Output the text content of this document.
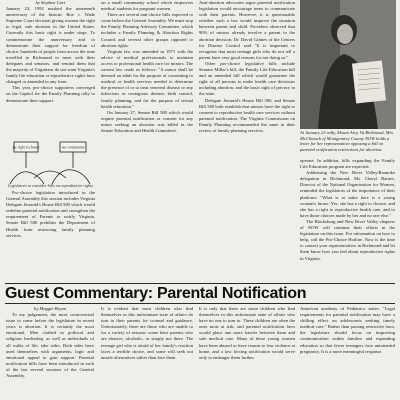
by Stephen Carr

January 23, 1992 marked the nineteenth anniversary of the historic Roe v. Wade Supreme Court decision giving women the right to legal, safe abortion in the United States. Currently this basic right is under siege. To commemorate the anniversary and to demonstrate their support for freedom of choice, hundreds of people from across the state travelled to Richmond to meet with their delegates and senators, and remind them that the majority of Virginians do not want Virginia's family life education or reproductive rights laws changed or amended in any form.

This year, pro-choice supporters converged on the Capitol for the Family Planning rally to demonstrate their support.

the right to choose	our constitution
Legislators to consider bills on reproductive rights

Pro-choice legislation introduced in the General Assembly this session includes Virginia Delegate Jerrauld's House Bill 580 which would redefine parental notification and strengthen the requirement of Parents to notify Virginia. Senate Bill 580 prohibits the Department of Health from restricting family planning services.

on a small community school which empowers medical students for pregnant women.

There are several anti-choice bills expected to come before the General Assembly. We must stop the Family Planning Advisory Committee, which includes a Family Planning & Abortion Rights Council and several other groups opposed to abortion rights.

Virginia law was amended in 1971 with the advice of medical professionals to maintain access to professional health care for minors. The current law reads as follows: "A minor shall be deemed an adult for the purpose of consenting to medical or health services needed to determine the presence of or to treat venereal disease or any infectious or contagious disease, birth control, family planning, and for the purpose of sexual health education."

On January 27, Senate Bill 580 which would require parental notification or consent for any minor seeking an abortion was killed in the Senate Education and Health Committee.

Anti-abortion advocates argue parental notification legislation would encourage teens to communicate with their parents. However, it is questionable whether such a law would improve the situation between parent and child. Providers observed that 90% of minors already involve a parent in the abortion decision. Dr. David Grimes of the Centers for Disease Control said "It is important to recognize that most teenage girls who do not tell a parent have very good reasons for not doing so."

Other pro-choice legislative bills include Senator Miller's bill, the Family Life Education bill and an amended bill which would guarantee the right of all persons to make health care decisions including abortion, and the basic right of privacy in the state.

Delegate Jerrauld's House Bill 580, and Senate Bill 580 both establish that minors have the right to consent to reproductive health care services without parental notification. The Virginia Commission on Family Planning recommended the same in their review of family planning services.	At January 23 rally, Mount Airy, Va Richmond, Mrs. McClintock of Montgomery County NOW holds a letter for her representative opposing a bill on parental notification restrictions for abortion.

operate. In addition, bills expanding the Family Life Education program are expected.

Addressing the New River Valley/Roanoke delegation in Richmond, Ms. Cheryl Barnes, Director of the National Organization for Women, reminded the legislators of the importance of their platform: "What is at stake here is a young woman's future. Yes, she has a right to choose, and she has a right to reproductive health care, and to have those choices made by her and no one else."

The Blacksburg and New River Valley chapters of NOW will continue their efforts in the legislature on this issue. For information on how to help, call the Pro-Choice Hotline. Now is the time to contact your representatives in Richmond and let them know how you feel about reproductive rights in Virginia.

Guest Commentary: Parental Notification

by Maggie Bryan

To my judgement, the most controversial issue to come before the legislature in recent years is abortion. It is certainly the most emotional. Men clothed in political and religious leadership, as well as individuals of all walks of life, take sides. Both sides have used themselves with arguments, logic and emotional appeal to gain support. Parental notification bills have been introduced in each of the last several sessions of the General Assembly.

It is evident that most children who find themselves in this unfortunate state of affairs do turn to their parents for counsel and guidance. Unfortunately, there are those who are unable to for a variety of reasons: some have parents who are abusive, alcoholic, or simply not there. The teenage girl who is afraid of her family's reaction faces a terrible choice, and some will seek out unsafe alternatives rather than face them.

It is only that there are some children who find themselves in this unfortunate state of affairs who have no one to turn to. These children are often the ones most at risk, and parental notification laws would place one more barrier between them and safe medical care. Many of these young women have been abused or have reason to fear violence at home, and a law forcing notification would serve only to endanger them further.

American academy of Pediatrics states: "Legal requirements for parental notification may have a chilling effect on adolescents seeking timely medical care." Rather than passing restrictive laws, the legislature should focus on improving communication within families and expanding education so that fewer teenagers face unintended pregnancy. It is a more meaningful response.
